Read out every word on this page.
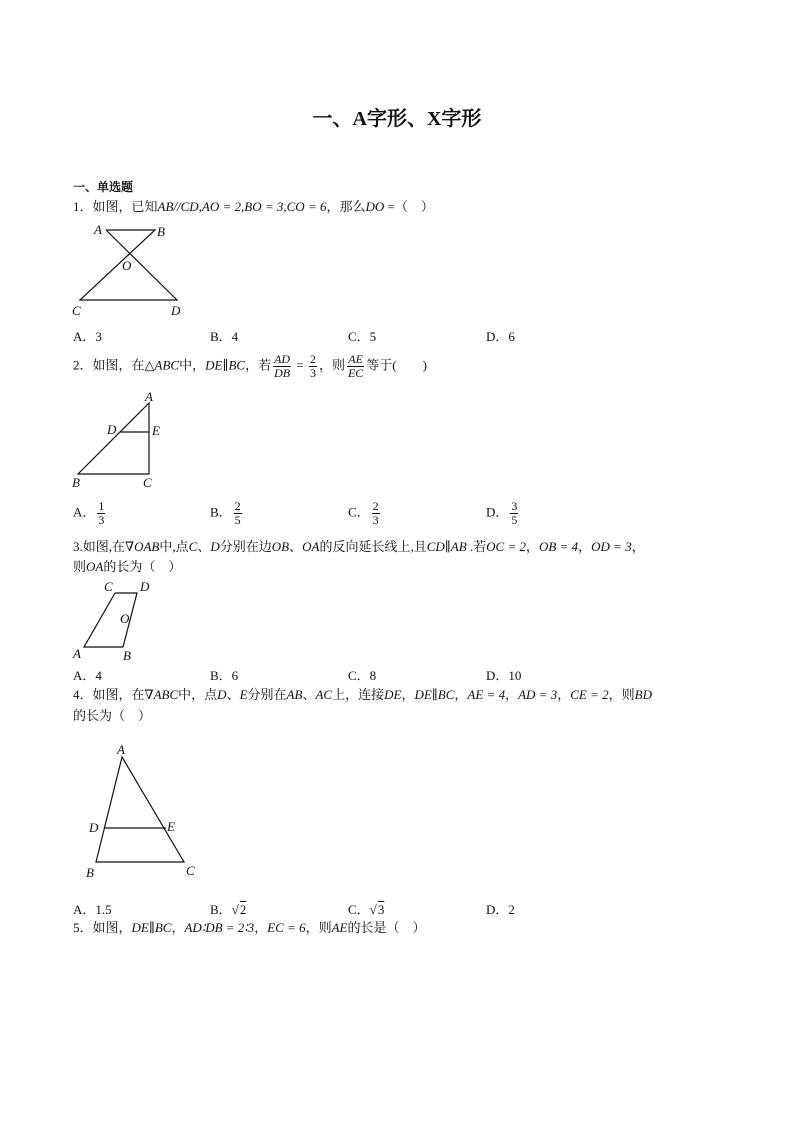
一、A字形、X字形
一、单选题
1．如图，已知AB//CD,AO = 2,BO = 3,CO = 6，那么DO =（　）
A	B
O
C	D
A
D	E
B	C
C D
O
A	B
A
D	E
B	C
A．3	B．4	C．5	D．6
2．如图，在△ABC中，DE∥BC，若 $\frac{AD}{DB} = \frac{2}{3}$ ，则 $\frac{AE}{EC}$ 等于(　　)
A． $\frac{1}{3}$	B． $\frac{2}{5}$	C． $\frac{2}{3}$	D． $\frac{3}{5}$
3.如图,在∇OAB中,点C、D分别在边OB、OA的反向延长线上,且CD∥AB .若OC = 2，OB = 4，OD = 3，
则OA的长为（　）
A．4	B．6	C．8	D．10
4．如图，在∇ABC中，点D、E分别在AB、AC上，连接DE，DE∥BC，AE = 4，AD = 3，CE = 2，则BD
的长为（　）
A．1.5	B．√2	C．√3	D．2
5．如图，DE∥BC，AD∶DB = 2∶3，EC = 6，则AE的长是（　）
